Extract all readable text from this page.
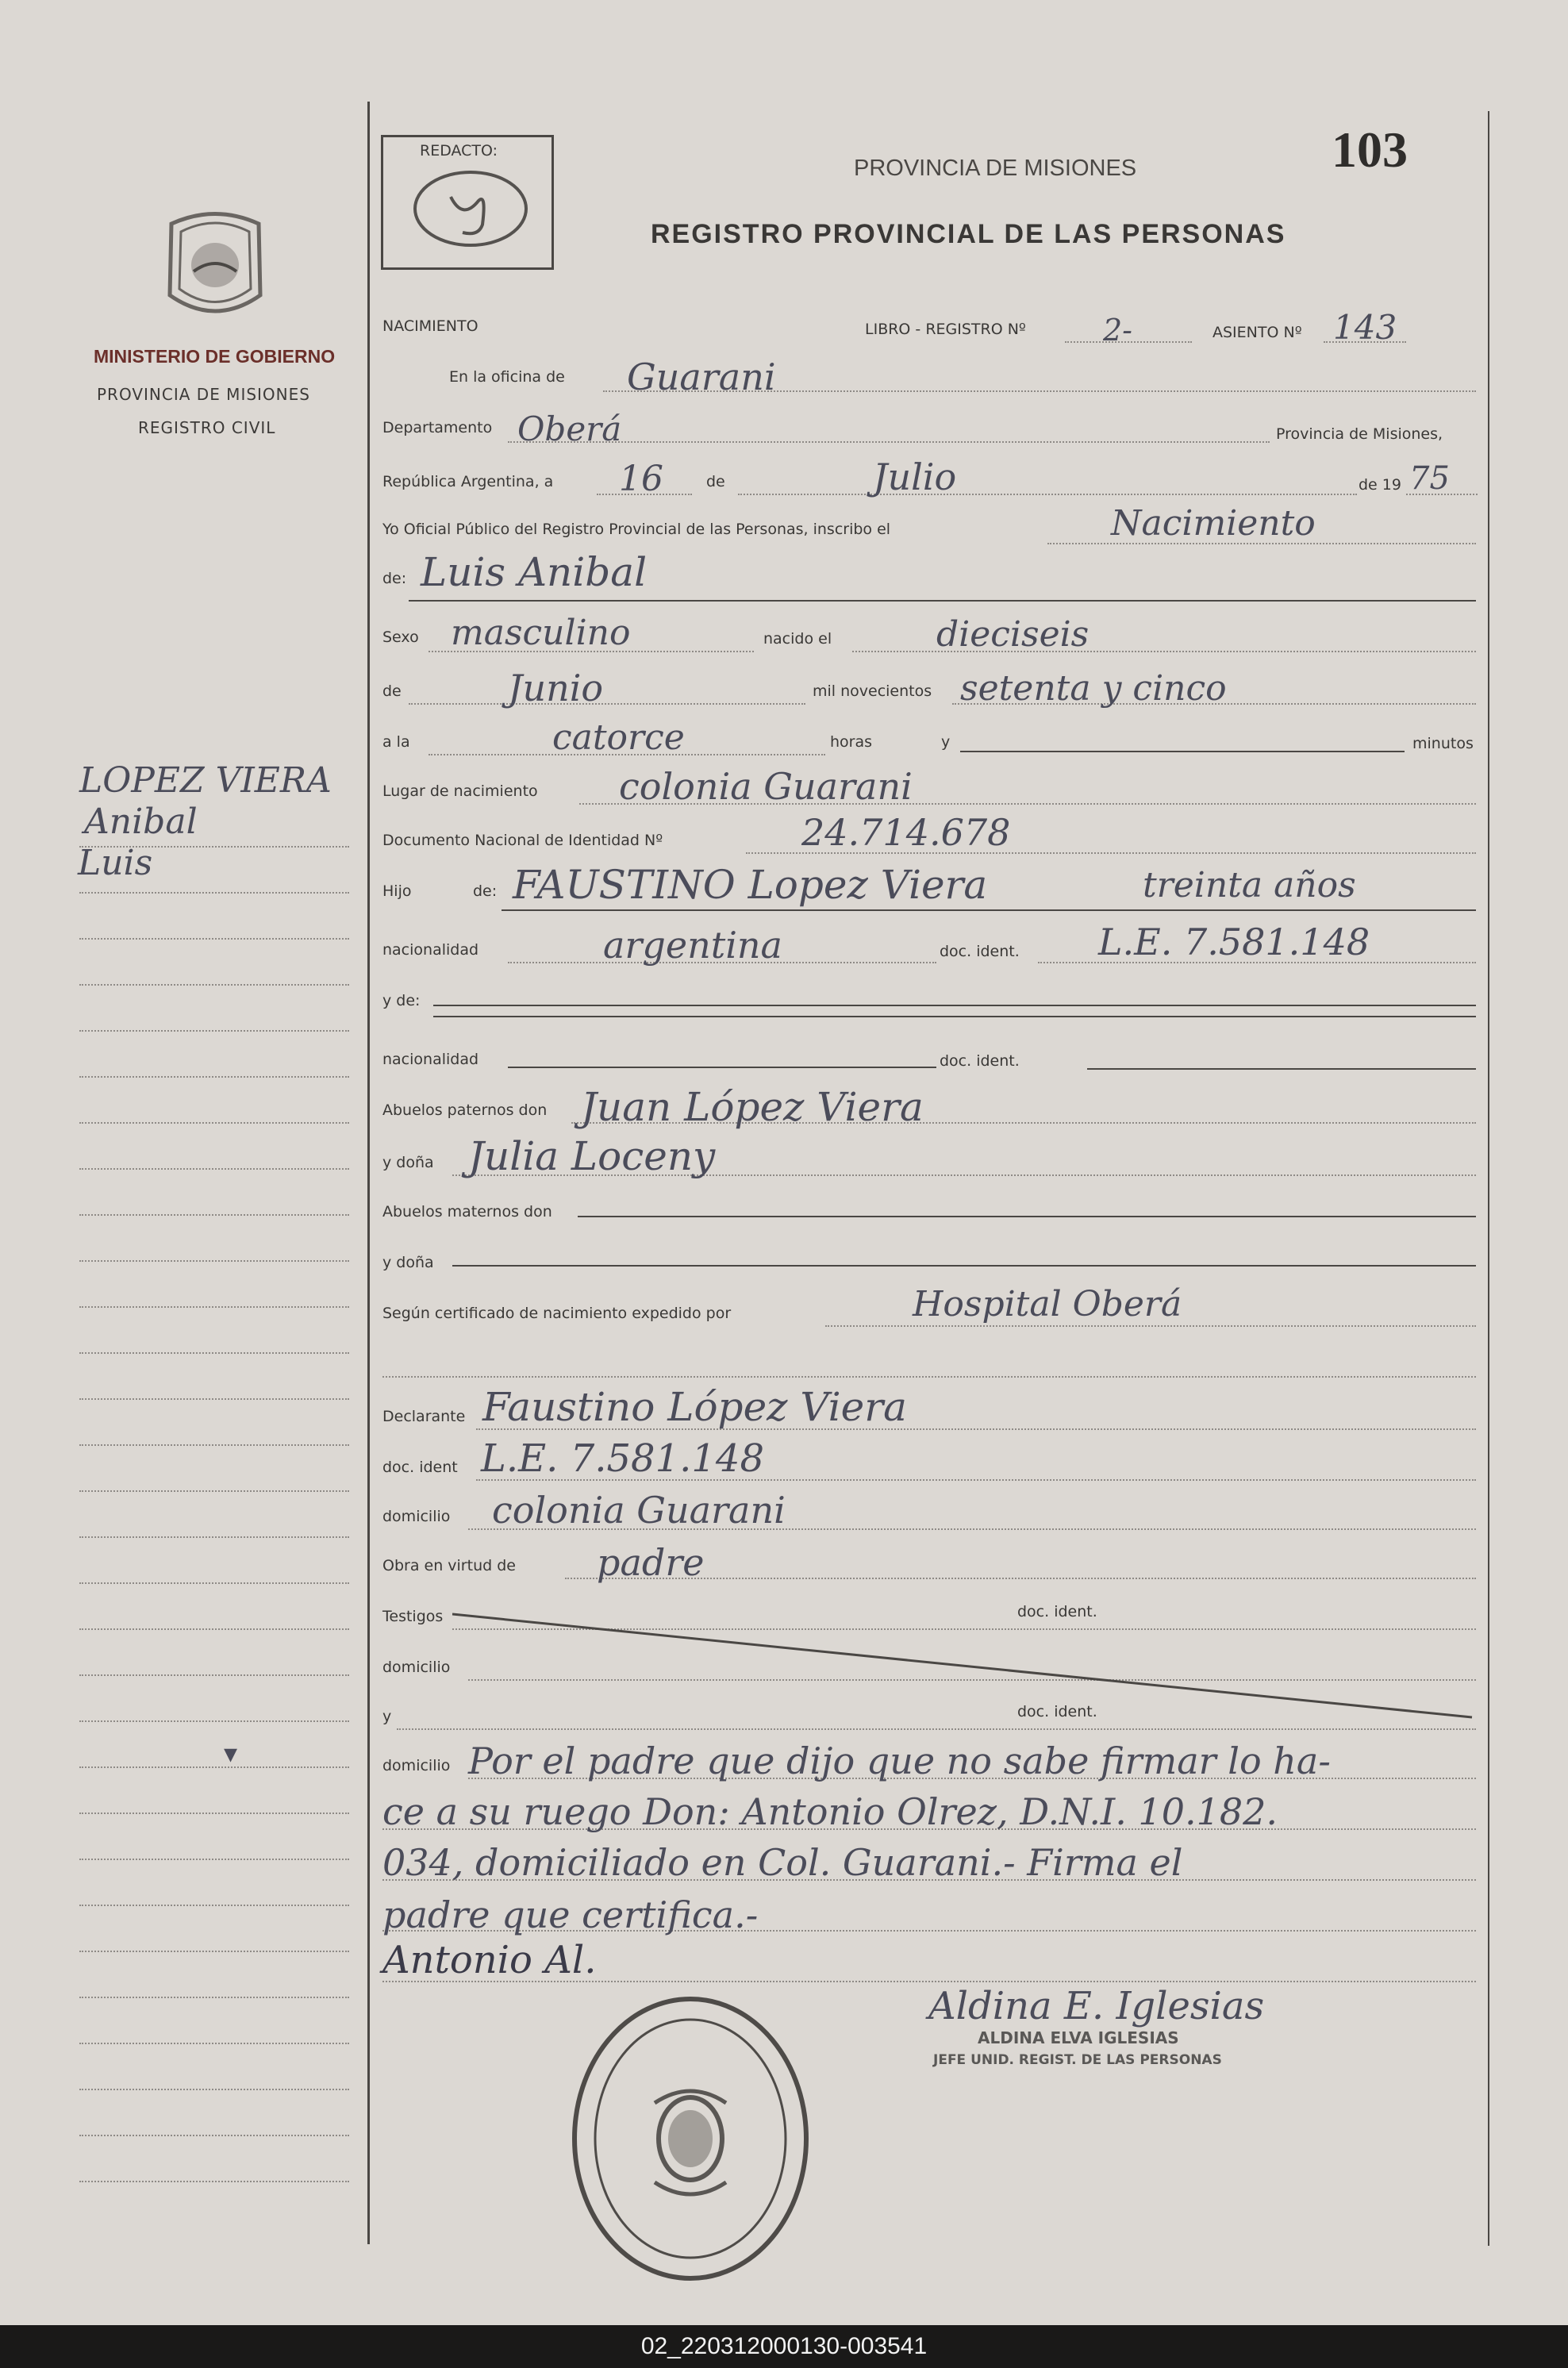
MINISTERIO DE GOBIERNO
PROVINCIA DE MISIONES
REGISTRO CIVIL
LOPEZ VIERA
Anibal
Luis
▾
REDACTO:
PROVINCIA DE MISIONES	103
REGISTRO PROVINCIAL DE LAS PERSONAS
NACIMIENTO	LIBRO - REGISTRO Nº	2-	ASIENTO Nº 143
En la oficina de Guarani
Departamento Oberá	Provincia de Misiones,
República Argentina, a 16	de	Julio	de 19 75
Yo Oficial Público del Registro Provincial de las Personas, inscribo el	Nacimiento
de: Luis Anibal
Sexo masculino	nacido el	dieciseis
de	Junio	mil novecientos setenta y cinco
a la	catorce	horas	y	minutos
Lugar de nacimiento colonia Guarani
Documento Nacional de Identidad Nº	24.714.678
Hijo	de: FAUSTINO Lopez Viera	treinta años
nacionalidad	argentina	doc. ident. L.E. 7.581.148
y de:
nacionalidad	doc. ident.
Abuelos paternos don Juan López Viera
y doña Julia Loceny
Abuelos maternos don
y doña
Según certificado de nacimiento expedido por	Hospital Oberá
Declarante Faustino López Viera
doc. ident L.E. 7.581.148
domicilio colonia Guarani
Obra en virtud de padre
Testigos	doc. ident.
domicilio
y	doc. ident.
domicilio Por el padre que dijo que no sabe firmar lo ha-
ce a su ruego Don: Antonio Olrez, D.N.I. 10.182.
034, domiciliado en Col. Guarani.- Firma el
padre que certifica.-
Antonio Al.
Aldina E. Iglesias
ALDINA ELVA IGLESIAS
JEFE UNID. REGIST. DE LAS PERSONAS
02_220312000130-003541
